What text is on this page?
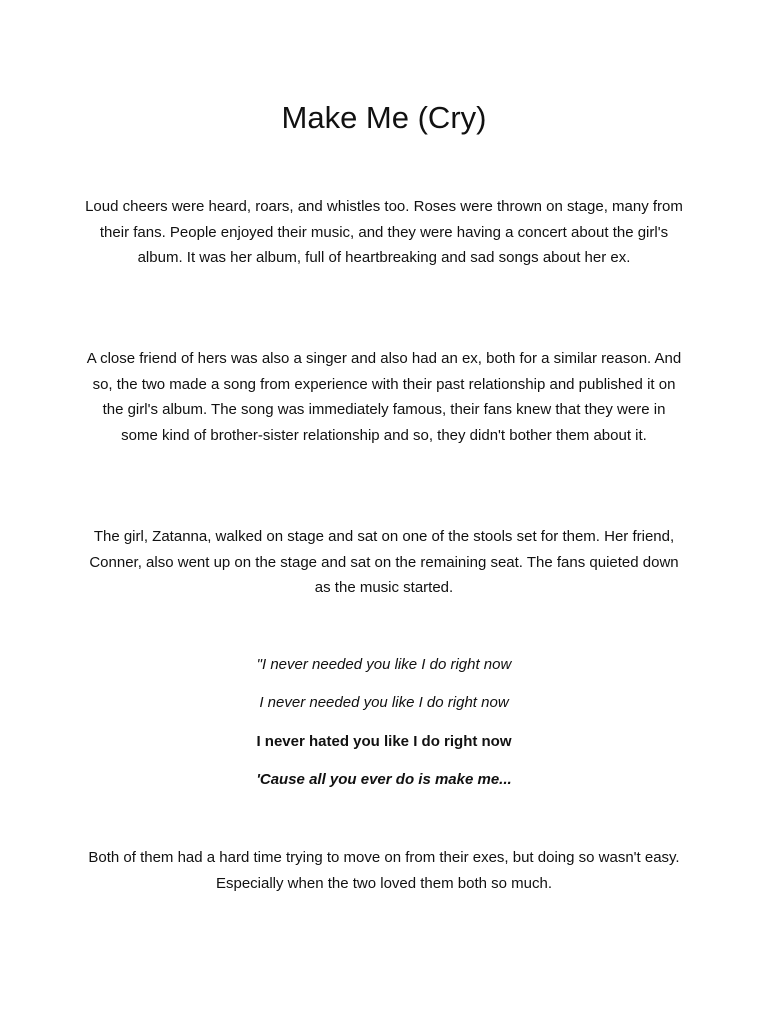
Make Me (Cry)

Loud cheers were heard, roars, and whistles too. Roses were thrown on stage, many from their fans. People enjoyed their music, and they were having a concert about the girl's album. It was her album, full of heartbreaking and sad songs about her ex.

A close friend of hers was also a singer and also had an ex, both for a similar reason. And so, the two made a song from experience with their past relationship and published it on the girl's album. The song was immediately famous, their fans knew that they were in some kind of brother-sister relationship and so, they didn't bother them about it.

The girl, Zatanna, walked on stage and sat on one of the stools set for them. Her friend, Conner, also went up on the stage and sat on the remaining seat. The fans quieted down as the music started.

"I never needed you like I do right now

I never needed you like I do right now

I never hated you like I do right now

'Cause all you ever do is make me...

Both of them had a hard time trying to move on from their exes, but doing so wasn't easy. Especially when the two loved them both so much.
